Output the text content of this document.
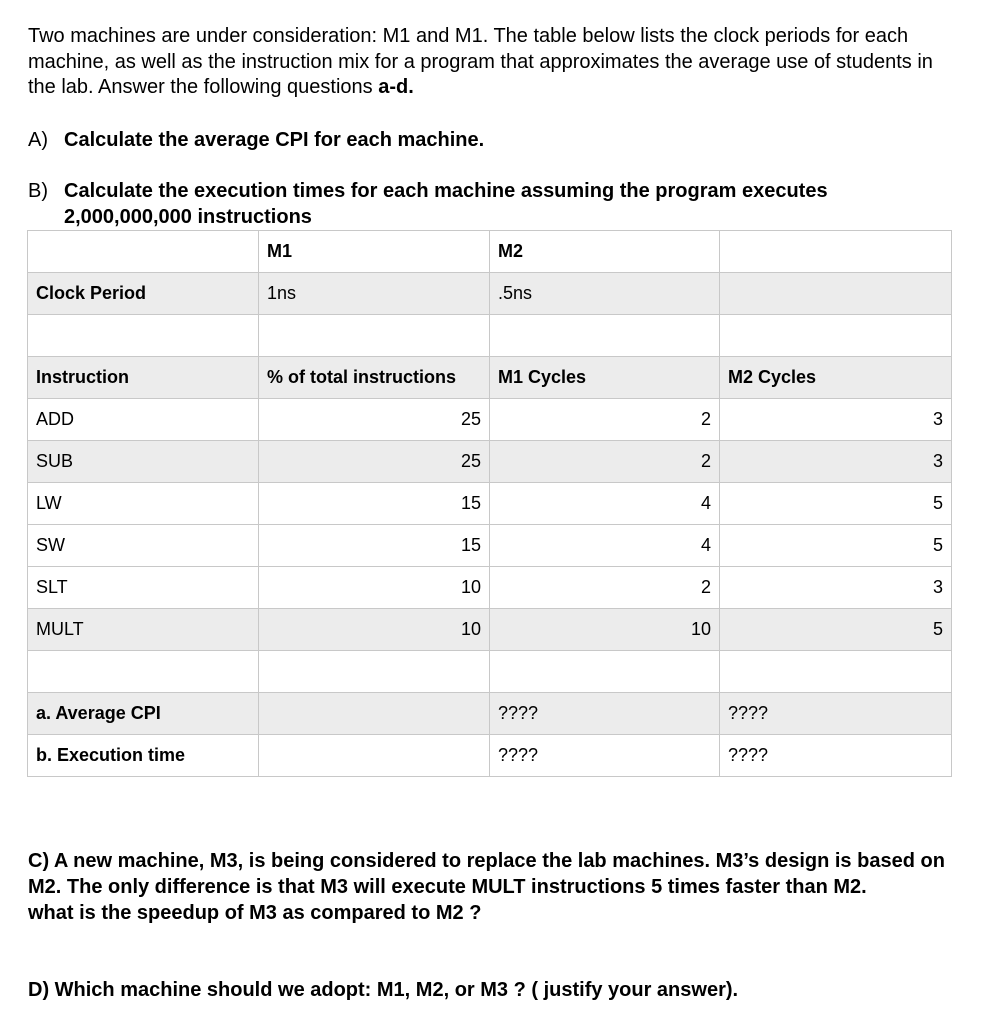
Two machines are under consideration: M1 and M1. The table below lists the clock periods for each machine, as well as the instruction mix for a program that approximates the average use of students in the lab. Answer the following questions a-d.
A) Calculate the average CPI for each machine.
B) Calculate the execution times for each machine assuming the program executes
2,000,000,000 instructions
	M1	M2	
Clock Period	1ns	.5ns	

Instruction	% of total instructions	M1 Cycles	M2 Cycles
ADD	25	2	3
SUB	25	2	3
LW	15	4	5
SW	15	4	5
SLT	10	2	3
MULT	10	10	5

a. Average CPI		????	????
b. Execution time		????	????
C) A new machine, M3, is being considered to replace the lab machines. M3’s design is based on M2. The only difference is that M3 will execute MULT instructions 5 times faster than M2.
what is the speedup of M3 as compared to M2 ?
D) Which machine should we adopt: M1, M2, or M3 ? ( justify your answer).
